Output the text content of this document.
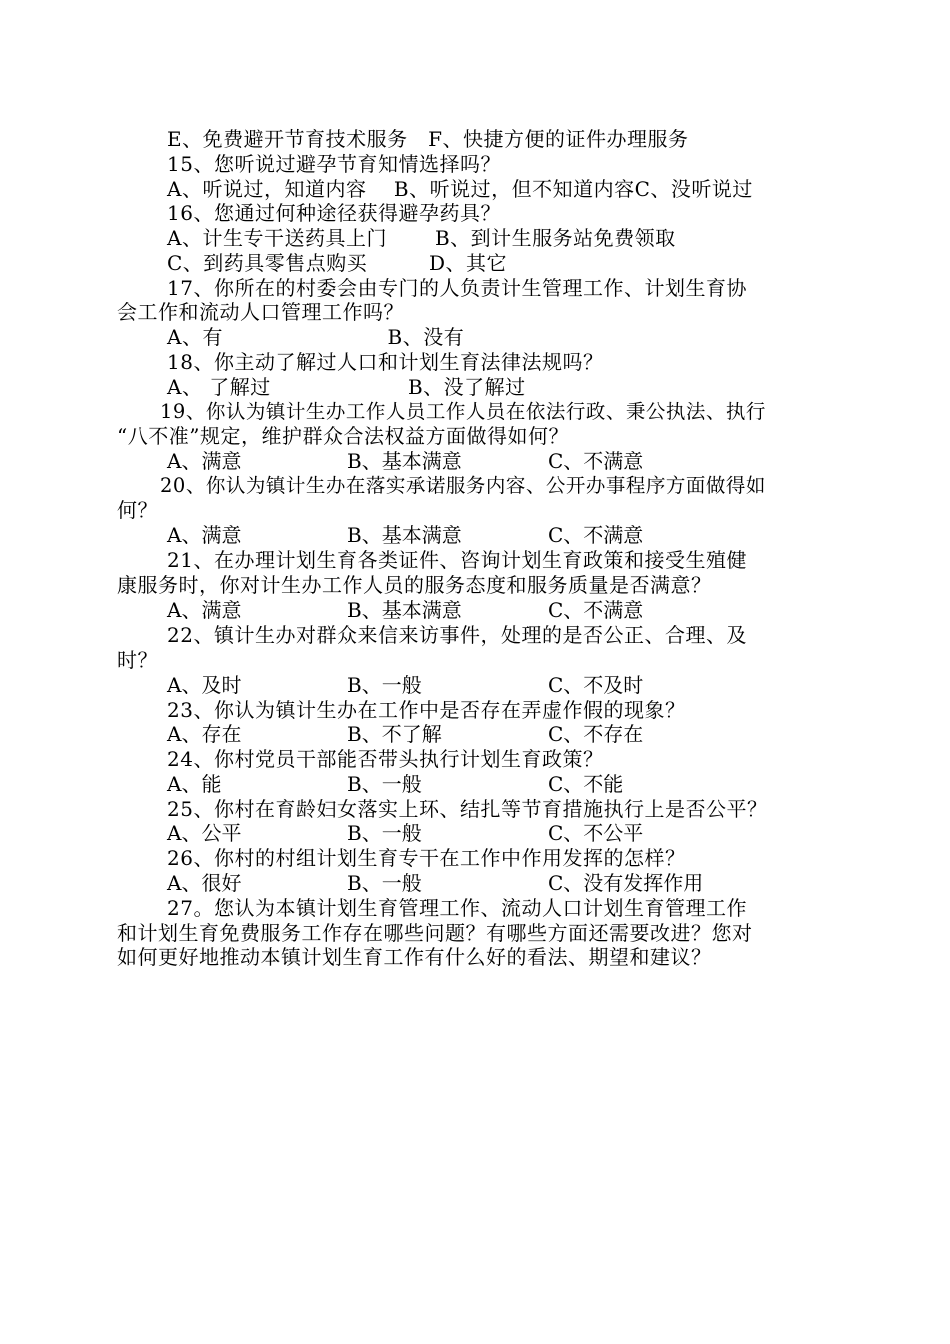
E、免费避开节育技术服务   F、快捷方便的证件办理服务
15、您听说过避孕节育知情选择吗？
A、听说过，知道内容    B、听说过，但不知道内容C、没听说过
16、您通过何种途径获得避孕药具？
A、计生专干送药具上门       B、到计生服务站免费领取
C、到药具零售点购买         D、其它
17、你所在的村委会由专门的人负责计生管理工作、计划生育协
会工作和流动人口管理工作吗？
A、有                        B、没有
18、你主动了解过人口和计划生育法律法规吗？
A、 了解过                    B、没了解过
19、你认为镇计生办工作人员工作人员在依法行政、秉公执法、执行
“八不准”规定，维护群众合法权益方面做得如何？
A、满意	B、基本满意	C、不满意
20、你认为镇计生办在落实承诺服务内容、公开办事程序方面做得如
何？
A、满意	B、基本满意	C、不满意
21、在办理计划生育各类证件、咨询计划生育政策和接受生殖健
康服务时，你对计生办工作人员的服务态度和服务质量是否满意？
A、满意	B、基本满意	C、不满意
22、镇计生办对群众来信来访事件，处理的是否公正、合理、及
时？
A、及时	B、一般	C、不及时
23、你认为镇计生办在工作中是否存在弄虚作假的现象？
A、存在	B、不了解	C、不存在
24、你村党员干部能否带头执行计划生育政策？
A、能	B、一般	C、不能
25、你村在育龄妇女落实上环、结扎等节育措施执行上是否公平？
A、公平	B、一般	C、不公平
26、你村的村组计划生育专干在工作中作用发挥的怎样？
A、很好	B、一般	C、没有发挥作用
27。您认为本镇计划生育管理工作、流动人口计划生育管理工作
和计划生育免费服务工作存在哪些问题？有哪些方面还需要改进？您对
如何更好地推动本镇计划生育工作有什么好的看法、期望和建议？
